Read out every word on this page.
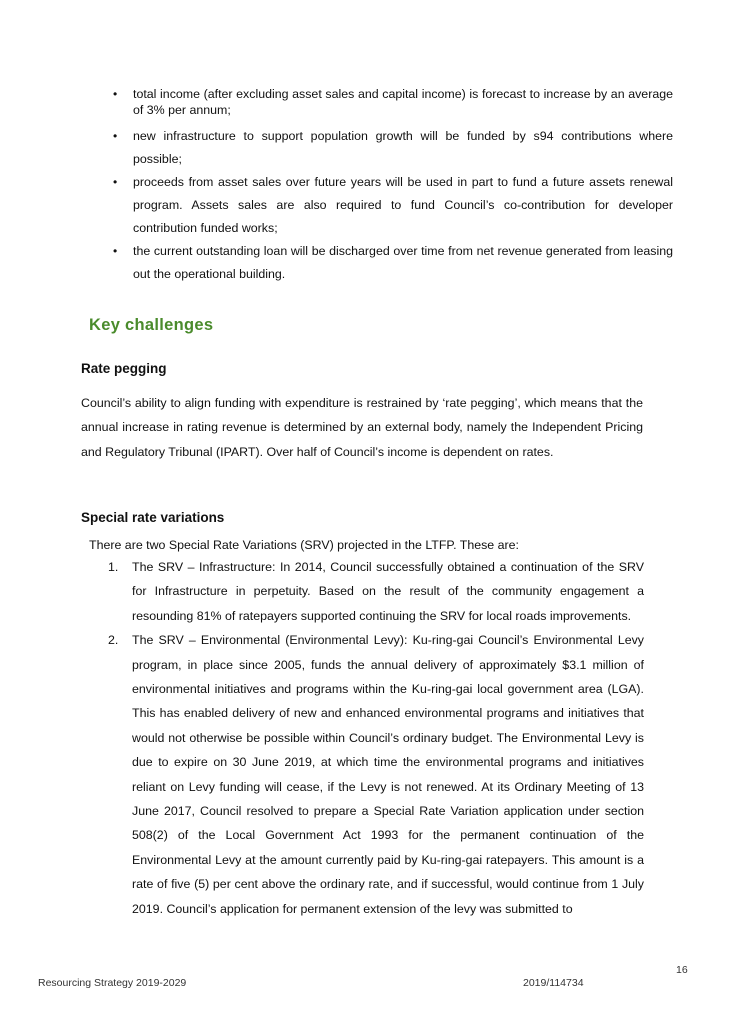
• total income (after excluding asset sales and capital income) is forecast to increase by an average of 3% per annum;
• new infrastructure to support population growth will be funded by s94 contributions where possible;
• proceeds from asset sales over future years will be used in part to fund a future assets renewal program. Assets sales are also required to fund Council’s co-contribution for developer contribution funded works;
• the current outstanding loan will be discharged over time from net revenue generated from leasing out the operational building.
Key challenges
Rate pegging

Council’s ability to align funding with expenditure is restrained by ‘rate pegging’, which means that the annual increase in rating revenue is determined by an external body, namely the Independent Pricing and Regulatory Tribunal (IPART). Over half of Council’s income is dependent on rates.

Special rate variations

There are two Special Rate Variations (SRV) projected in the LTFP. These are:

1. The SRV – Infrastructure: In 2014, Council successfully obtained a continuation of the SRV for Infrastructure in perpetuity. Based on the result of the community engagement a resounding 81% of ratepayers supported continuing the SRV for local roads improvements.
2. The SRV – Environmental (Environmental Levy): Ku-ring-gai Council’s Environmental Levy program, in place since 2005, funds the annual delivery of approximately $3.1 million of environmental initiatives and programs within the Ku-ring-gai local government area (LGA). This has enabled delivery of new and enhanced environmental programs and initiatives that would not otherwise be possible within Council’s ordinary budget. The Environmental Levy is due to expire on 30 June 2019, at which time the environmental programs and initiatives reliant on Levy funding will cease, if the Levy is not renewed. At its Ordinary Meeting of 13 June 2017, Council resolved to prepare a Special Rate Variation application under section 508(2) of the Local Government Act 1993 for the permanent continuation of the Environmental Levy at the amount currently paid by Ku-ring-gai ratepayers. This amount is a rate of five (5) per cent above the ordinary rate, and if successful, would continue from 1 July 2019. Council’s application for permanent extension of the levy was submitted to

16

Resourcing Strategy 2019-2029	2019/114734
